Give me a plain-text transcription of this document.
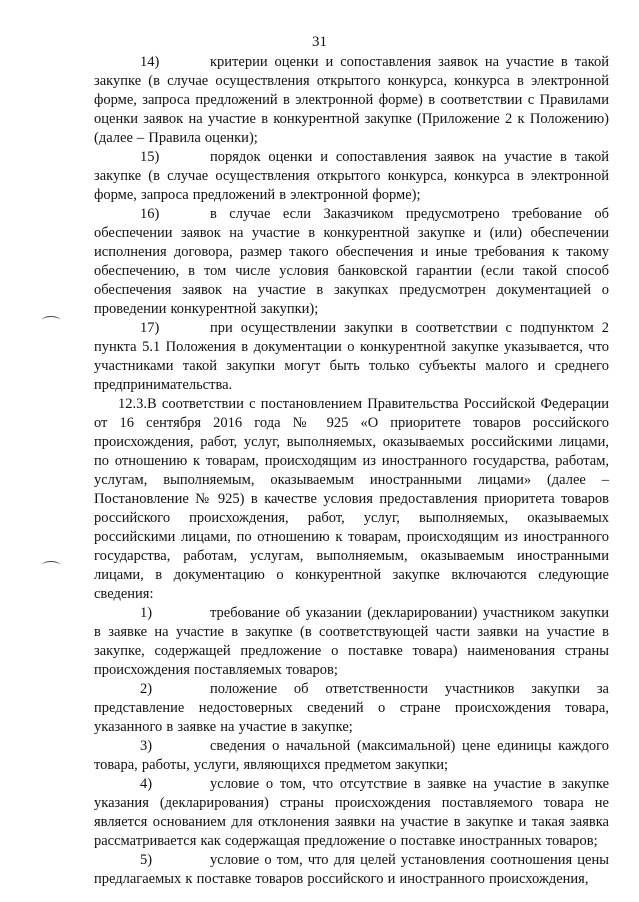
31

14)	критерии оценки и сопоставления заявок на участие в такой закупке (в случае осуществления открытого конкурса, конкурса в электронной форме, запроса предложений в электронной форме) в соответствии с Правилами оценки заявок на участие в конкурентной закупке (Приложение 2 к Положению) (далее – Правила оценки);

15)	порядок оценки и сопоставления заявок на участие в такой закупке (в случае осуществления открытого конкурса, конкурса в электронной форме, запроса предложений в электронной форме);

16)	в случае если Заказчиком предусмотрено требование об обеспечении заявок на участие в конкурентной закупке и (или) обеспечении исполнения договора, размер такого обеспечения и иные требования к такому обеспечению, в том числе условия банковской гарантии (если такой способ обеспечения заявок на участие в закупках предусмотрен документацией о проведении конкурентной закупки);

17)	при осуществлении закупки в соответствии с подпунктом 2 пункта 5.1 Положения в документации о конкурентной закупке указывается, что участниками такой закупки могут быть только субъекты малого и среднего предпринимательства.

12.3.В соответствии с постановлением Правительства Российской Федерации от 16 сентября 2016 года № 925 «О приоритете товаров российского происхождения, работ, услуг, выполняемых, оказываемых российскими лицами, по отношению к товарам, происходящим из иностранного государства, работам, услугам, выполняемым, оказываемым иностранными лицами» (далее – Постановление № 925) в качестве условия предоставления приоритета товаров российского происхождения, работ, услуг, выполняемых, оказываемых российскими лицами, по отношению к товарам, происходящим из иностранного государства, работам, услугам, выполняемым, оказываемым иностранными лицами, в документацию о конкурентной закупке включаются следующие сведения:

1)	требование об указании (декларировании) участником закупки в заявке на участие в закупке (в соответствующей части заявки на участие в закупке, содержащей предложение о поставке товара) наименования страны происхождения поставляемых товаров;

2)	положение об ответственности участников закупки за представление недостоверных сведений о стране происхождения товара, указанного в заявке на участие в закупке;

3)	сведения о начальной (максимальной) цене единицы каждого товара, работы, услуги, являющихся предметом закупки;

4)	условие о том, что отсутствие в заявке на участие в закупке указания (декларирования) страны происхождения поставляемого товара не является основанием для отклонения заявки на участие в закупке и такая заявка рассматривается как содержащая предложение о поставке иностранных товаров;

5)	условие о том, что для целей установления соотношения цены предлагаемых к поставке товаров российского и иностранного происхождения,
